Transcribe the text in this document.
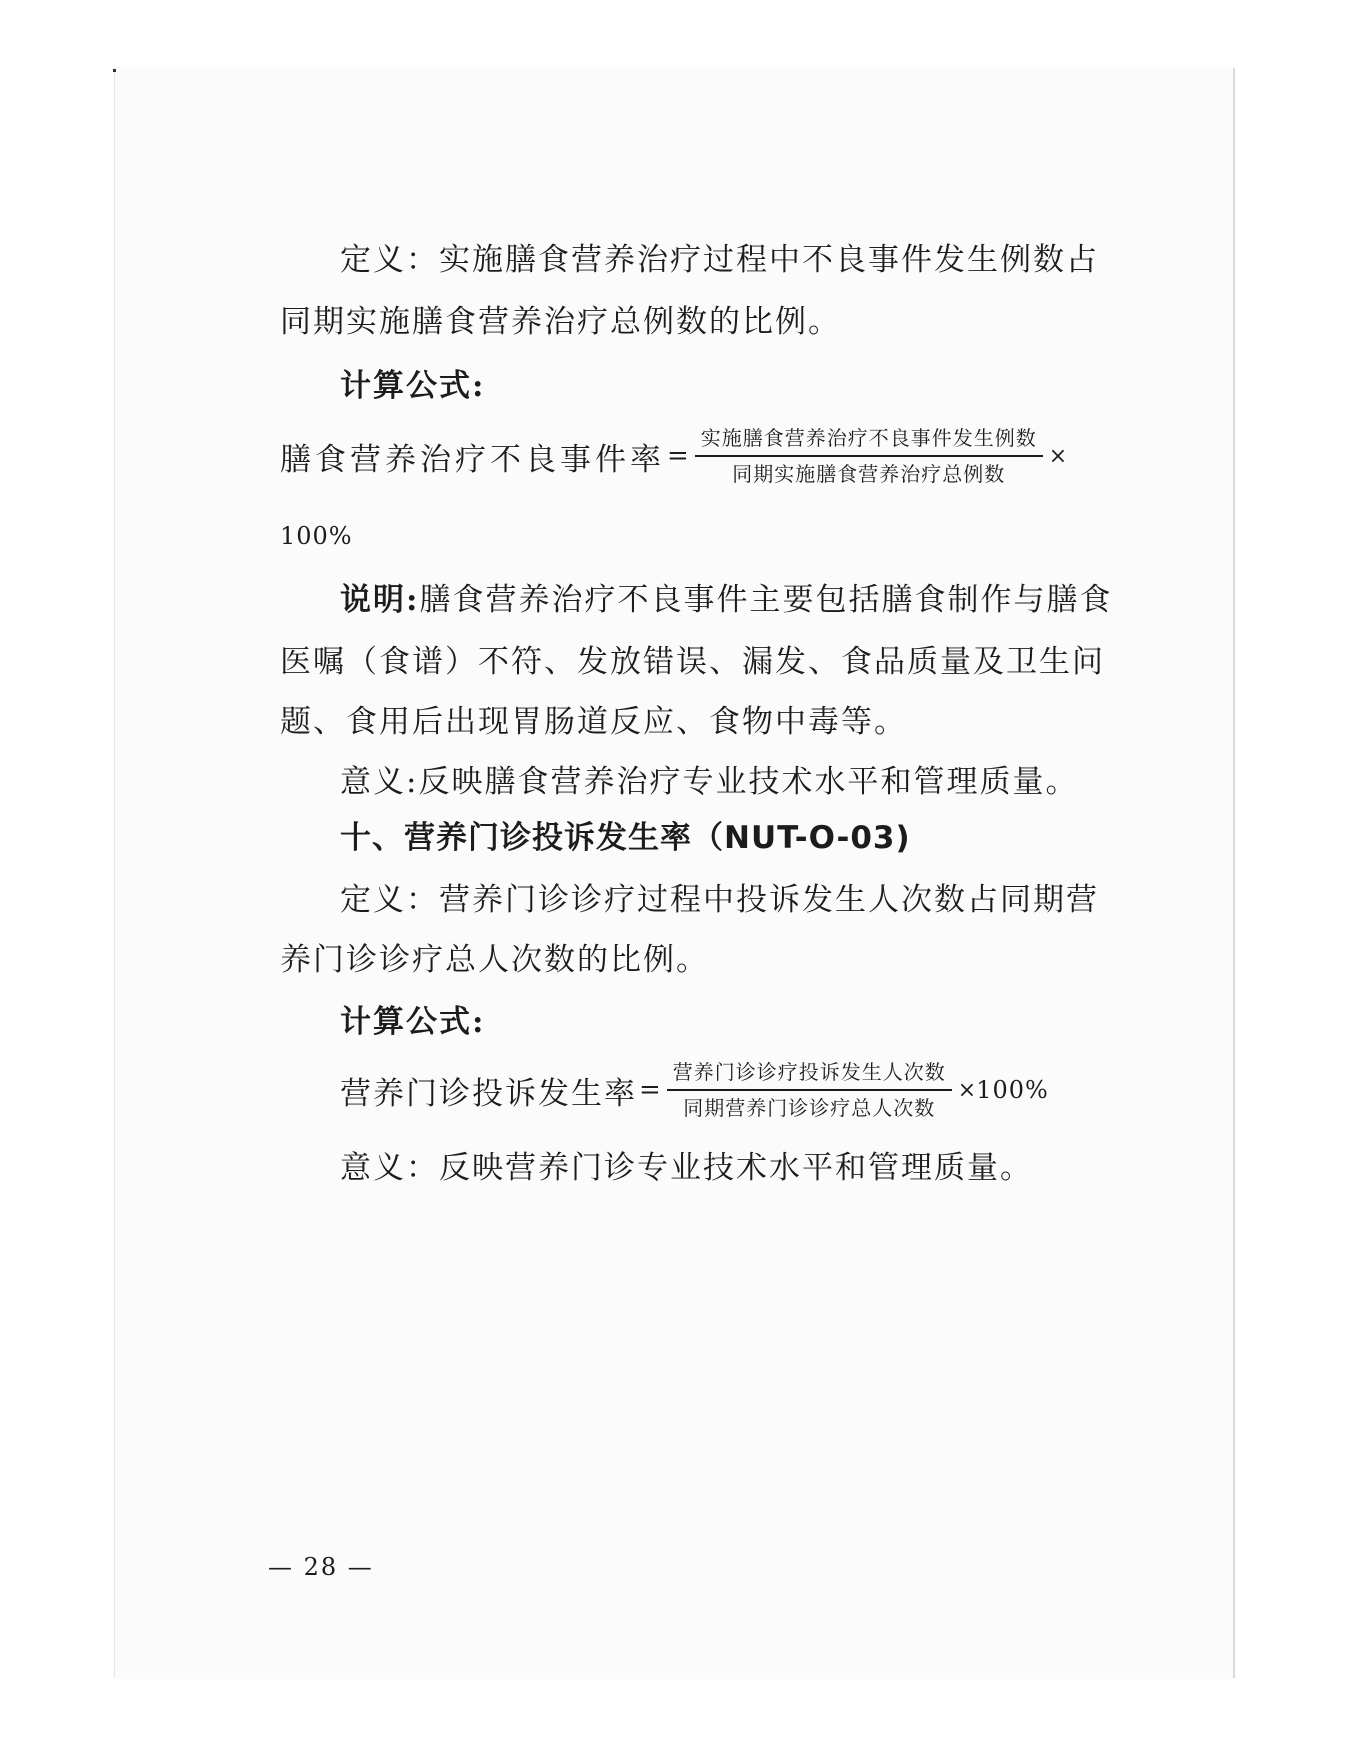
定义：实施膳食营养治疗过程中不良事件发生例数占
同期实施膳食营养治疗总例数的比例。
计算公式:
膳食营养治疗不良事件率 = $\frac{\text{实施膳食营养治疗不良事件发生例数}}{\text{同期实施膳食营养治疗总例数}}$ ×
100%
说明:膳食营养治疗不良事件主要包括膳食制作与膳食
医嘱（食谱）不符、发放错误、漏发、食品质量及卫生问
题、食用后出现胃肠道反应、食物中毒等。
意义:反映膳食营养治疗专业技术水平和管理质量。
十、营养门诊投诉发生率（NUT-O-03)
定义：营养门诊诊疗过程中投诉发生人次数占同期营
养门诊诊疗总人次数的比例。
计算公式:
营养门诊投诉发生率 = $\frac{\text{营养门诊诊疗投诉发生人次数}}{\text{同期营养门诊诊疗总人次数}} \times 100\%$
意义：反映营养门诊专业技术水平和管理质量。
— 28 —
